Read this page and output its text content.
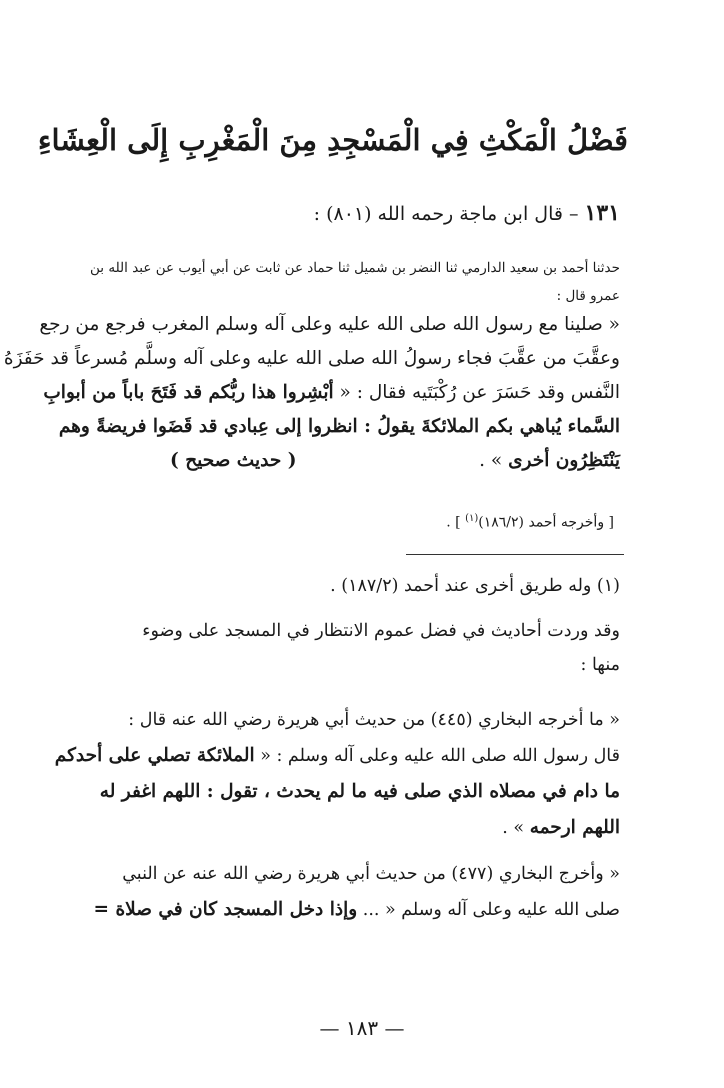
فَضْلُ الْمَكْثِ فِي الْمَسْجِدِ مِنَ الْمَغْرِبِ إِلَى الْعِشَاءِ
١٣١ – قال ابن ماجة رحمه الله (٨٠١) :
حدثنا أحمد بن سعيد الدارمي ثنا النضر بن شميل ثنا حماد عن ثابت عن أبي أيوب عن عبد الله بن
عمرو قال :
« صلينا مع رسول الله صلى الله عليه وعلى آله وسلم المغرب فرجع من رجع
وعقَّبَ من عقَّبَ فجاء رسولُ الله صلى الله عليه وعلى آله وسلَّم مُسرعاً قد حَفَزَهُ
النَّفس وقد حَسَرَ عن رُكْبَتَيه فقال : « أبْشِروا هذا ربُّكم قد فَتَحَ باباً من أبوابِ
السَّماء يُباهي بكم الملائكةَ يقولُ : انظروا إلى عِبادي قد قَضَوا فريضةً وهم
يَنْتَظِرُون أخرى » .
( حديث صحيح )
[ وأخرجه أحمد (١٨٦/٢)$^{(١)}$ ] .
(١) وله طريق أخرى عند أحمد (١٨٧/٢) .
وقد وردت أحاديث في فضل عموم الانتظار في المسجد على وضوء
منها :
« ما أخرجه البخاري (٤٤٥) من حديث أبي هريرة رضي الله عنه قال :
قال رسول الله صلى الله عليه وعلى آله وسلم : « الملائكة تصلي على أحدكم
ما دام في مصلاه الذي صلى فيه ما لم يحدث ، تقول : اللهم اغفر له
اللهم ارحمه » .
« وأخرج البخاري (٤٧٧) من حديث أبي هريرة رضي الله عنه عن النبي
صلى الله عليه وعلى آله وسلم « ... وإذا دخل المسجد كان في صلاة =
— ١٨٣ —
